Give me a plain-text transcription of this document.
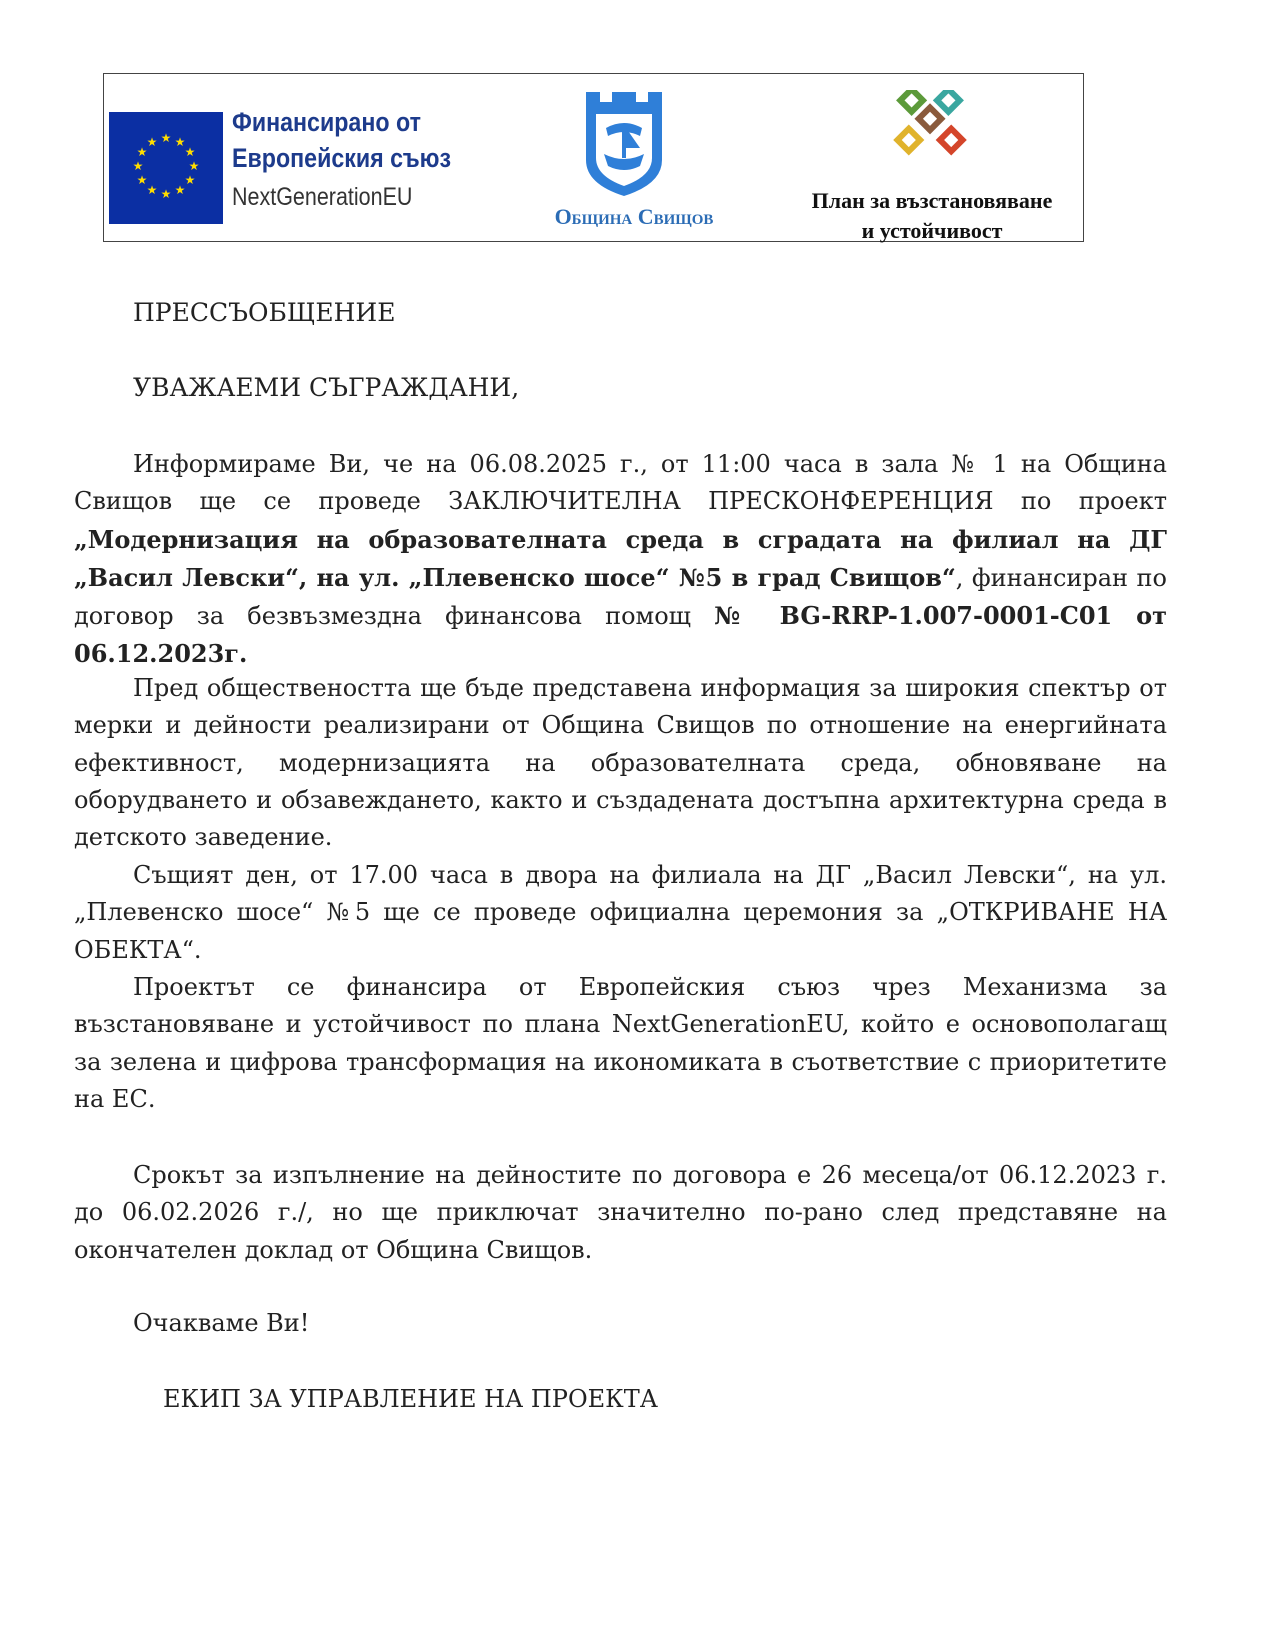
★ ★
★
★
★
★
★
★
★
★
★
★
Финансирано от
Европейския съюз
NextGenerationEU
Община Свищов
План за възстановяване
и устойчивост
ПРЕССЪОБЩЕНИЕ
УВАЖАЕМИ СЪГРАЖДАНИ,
Информираме Ви, че на 06.08.2025 г., от 11:00 часа в зала № 1 на Община Свищов ще се проведе ЗАКЛЮЧИТЕЛНА ПРЕСКОНФЕРЕНЦИЯ по проект „Модернизация на образователната среда в сградата на филиал на ДГ „Васил Левски“, на ул. „Плевенско шосе“ №5 в град Свищов“, финансиран по договор за безвъзмездна финансова помощ № BG-RRP-1.007-0001-C01 от 06.12.2023г.
Пред обществеността ще бъде представена информация за широкия спектър от мерки и дейности реализирани от Община Свищов по отношение на енергийната ефективност, модернизацията на образователната среда, обновяване на оборудването и обзавеждането, както и създадената достъпна архитектурна среда в детското заведение.
Същият ден, от 17.00 часа в двора на филиала на ДГ „Васил Левски“, на ул. „Плевенско шосе“ №5 ще се проведе официална церемония за „ОТКРИВАНЕ НА ОБЕКТА“.
Проектът се финансира от Европейския съюз чрез Механизма за възстановяване и устойчивост по плана NextGenerationEU, който е основополагащ за зелена и цифрова трансформация на икономиката в съответствие с приоритетите на ЕС.
Срокът за изпълнение на дейностите по договора е 26 месеца/от 06.12.2023 г. до 06.02.2026 г./, но ще приключат значително по-рано след представяне на окончателен доклад от Община Свищов.
Очакваме Ви!
ЕКИП ЗА УПРАВЛЕНИЕ НА ПРОЕКТА
